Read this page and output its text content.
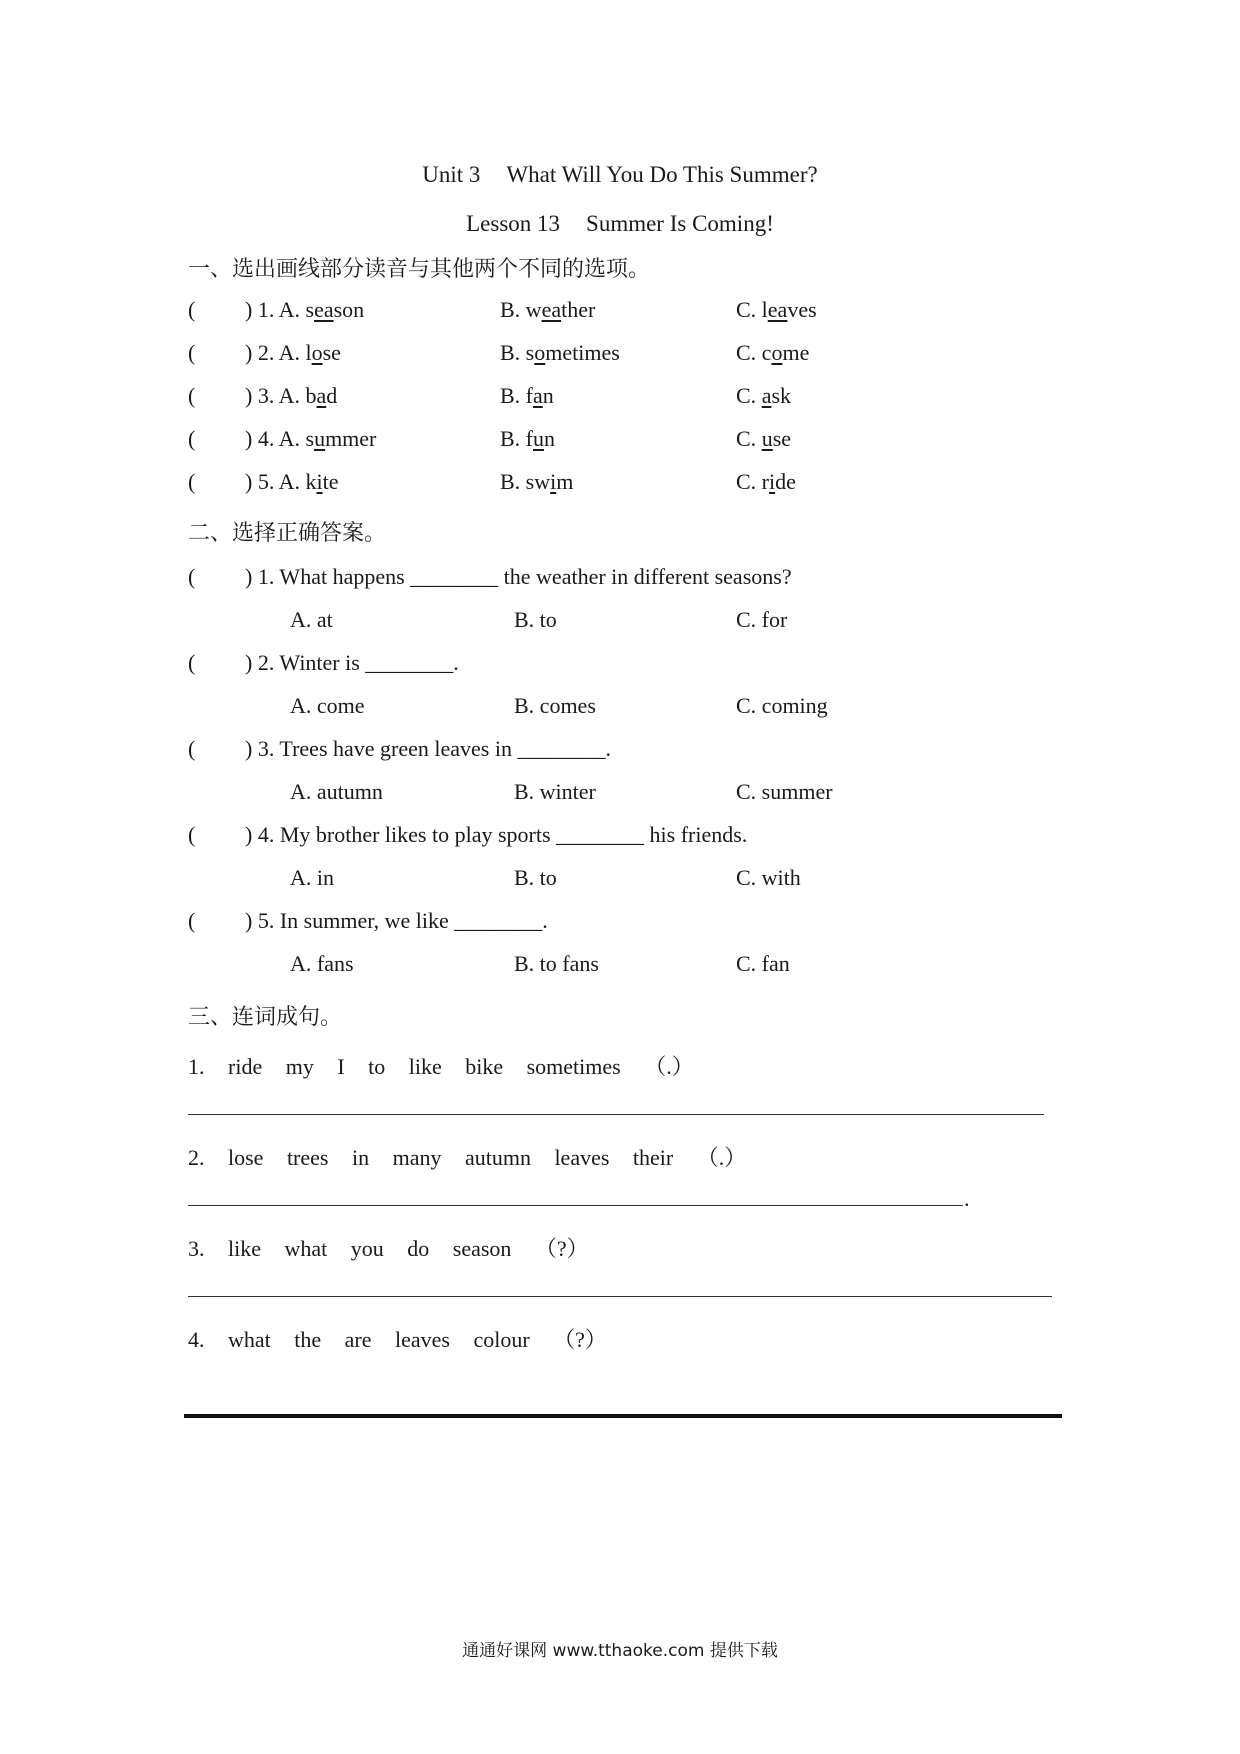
Unit 3 What Will You Do This Summer?
Lesson 13 Summer Is Coming!
一、选出画线部分读音与其他两个不同的选项。
( ) 1. A. season	B. weather	C. leaves
( ) 2. A. lose	B. sometimes	C. come
( ) 3. A. bad	B. fan	C. ask
( ) 4. A. summer	B. fun	C. use
( ) 5. A. kite	B. swim	C. ride
二、选择正确答案。
( ) 1. What happens ________ the weather in different seasons?
A. at	B. to	C. for
( ) 2. Winter is ________.
A. come	B. comes	C. coming
( ) 3. Trees have green leaves in ________.
A. autumn	B. winter	C. summer
( ) 4. My brother likes to play sports ________ his friends.
A. in	B. to	C. with
( ) 5. In summer, we like ________.
A. fans	B. to fans	C. fan
三、连词成句。
1. ride my I to like bike sometimes （.）
2. lose trees in many autumn leaves their （.）
.
3. like what you do season （?）
4. what the are leaves colour （?）
通通好课网 www.tthaoke.com 提供下载
